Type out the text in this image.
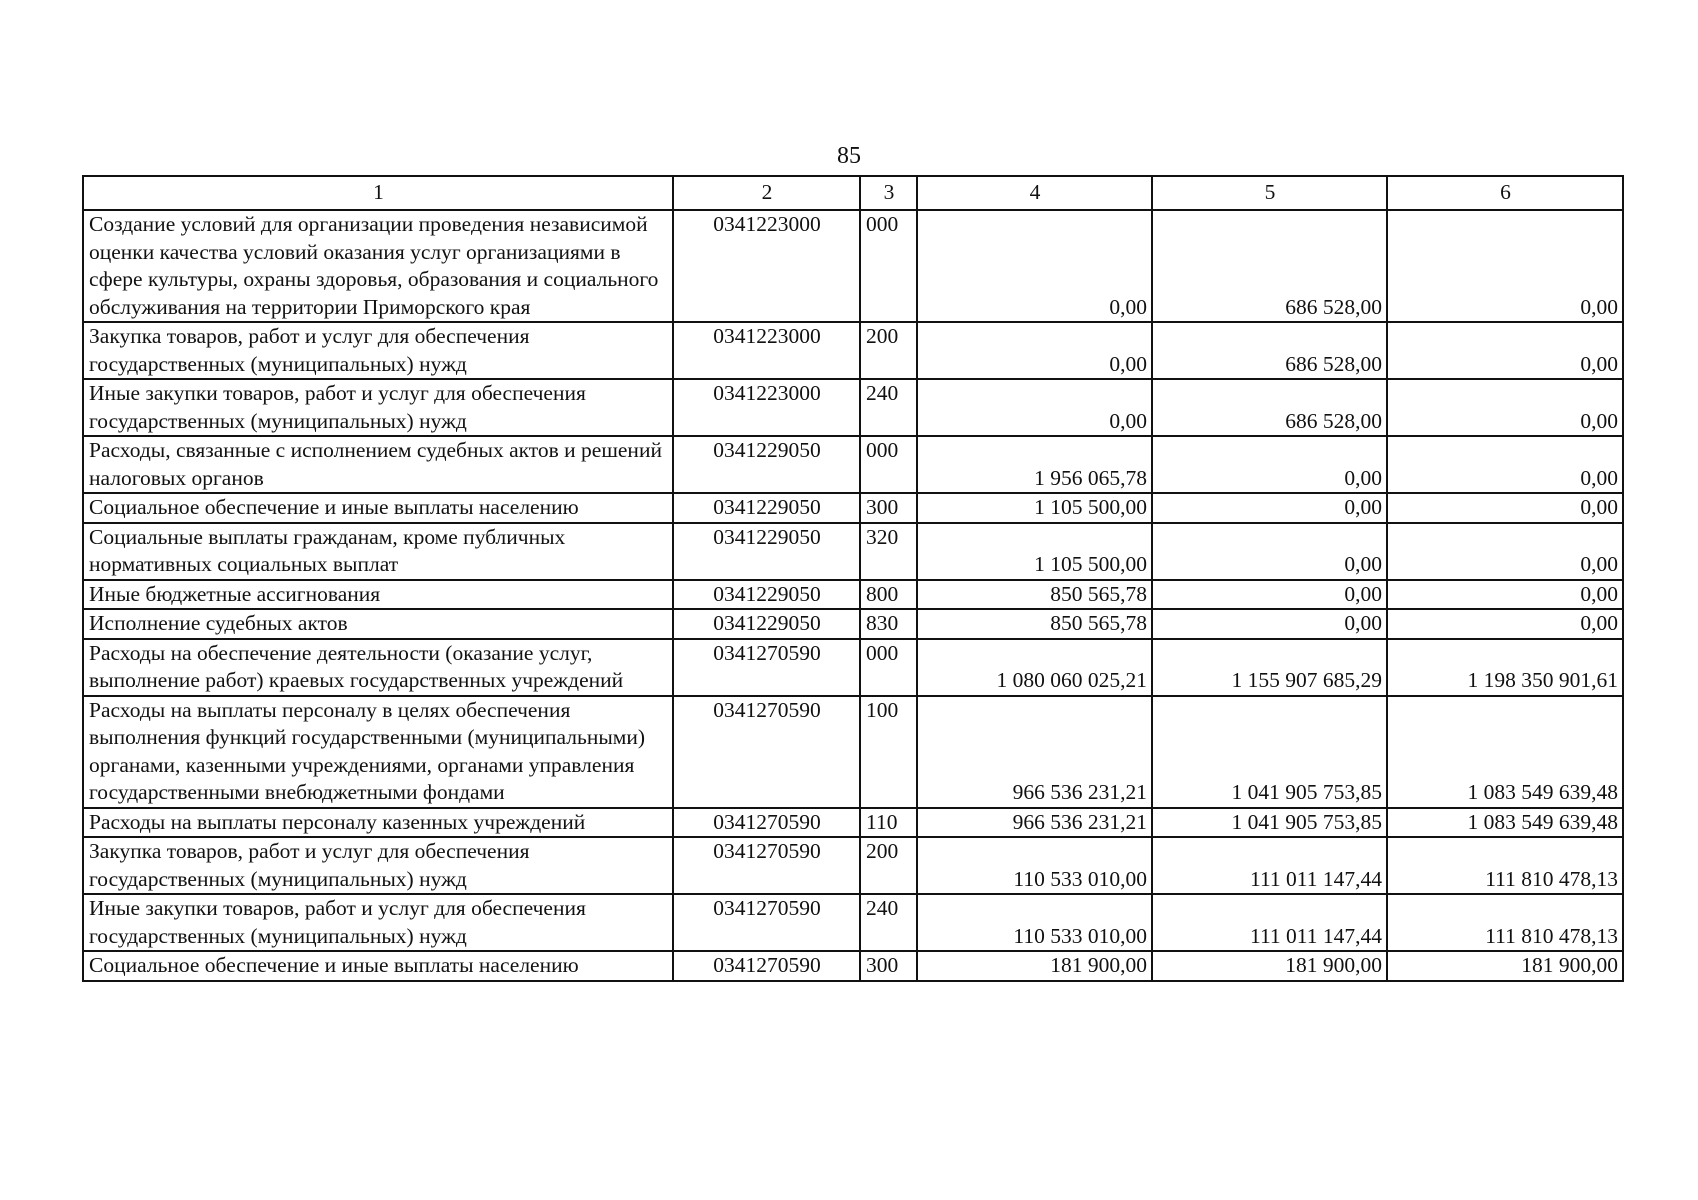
85
1	2	3	4	5	6
Создание условий для организации проведения независимой оценки качества условий оказания услуг организациями в сфере культуры, охраны здоровья, образования и социального обслуживания на территории Приморского края	0341223000	000	0,00	686 528,00	0,00
Закупка товаров, работ и услуг для обеспечения государственных (муниципальных) нужд	0341223000	200	0,00	686 528,00	0,00
Иные закупки товаров, работ и услуг для обеспечения государственных (муниципальных) нужд	0341223000	240	0,00	686 528,00	0,00
Расходы, связанные с исполнением судебных актов и решений налоговых органов	0341229050	000	1 956 065,78	0,00	0,00
Социальное обеспечение и иные выплаты населению	0341229050	300	1 105 500,00	0,00	0,00
Социальные выплаты гражданам, кроме публичных нормативных социальных выплат	0341229050	320	1 105 500,00	0,00	0,00
Иные бюджетные ассигнования	0341229050	800	850 565,78	0,00	0,00
Исполнение судебных актов	0341229050	830	850 565,78	0,00	0,00
Расходы на обеспечение деятельности (оказание услуг, выполнение работ) краевых государственных учреждений	0341270590	000	1 080 060 025,21	1 155 907 685,29	1 198 350 901,61
Расходы на выплаты персоналу в целях обеспечения выполнения функций государственными (муниципальными) органами, казенными учреждениями, органами управления государственными внебюджетными фондами	0341270590	100	966 536 231,21	1 041 905 753,85	1 083 549 639,48
Расходы на выплаты персоналу казенных учреждений	0341270590	110	966 536 231,21	1 041 905 753,85	1 083 549 639,48
Закупка товаров, работ и услуг для обеспечения государственных (муниципальных) нужд	0341270590	200	110 533 010,00	111 011 147,44	111 810 478,13
Иные закупки товаров, работ и услуг для обеспечения государственных (муниципальных) нужд	0341270590	240	110 533 010,00	111 011 147,44	111 810 478,13
Социальное обеспечение и иные выплаты населению	0341270590	300	181 900,00	181 900,00	181 900,00
